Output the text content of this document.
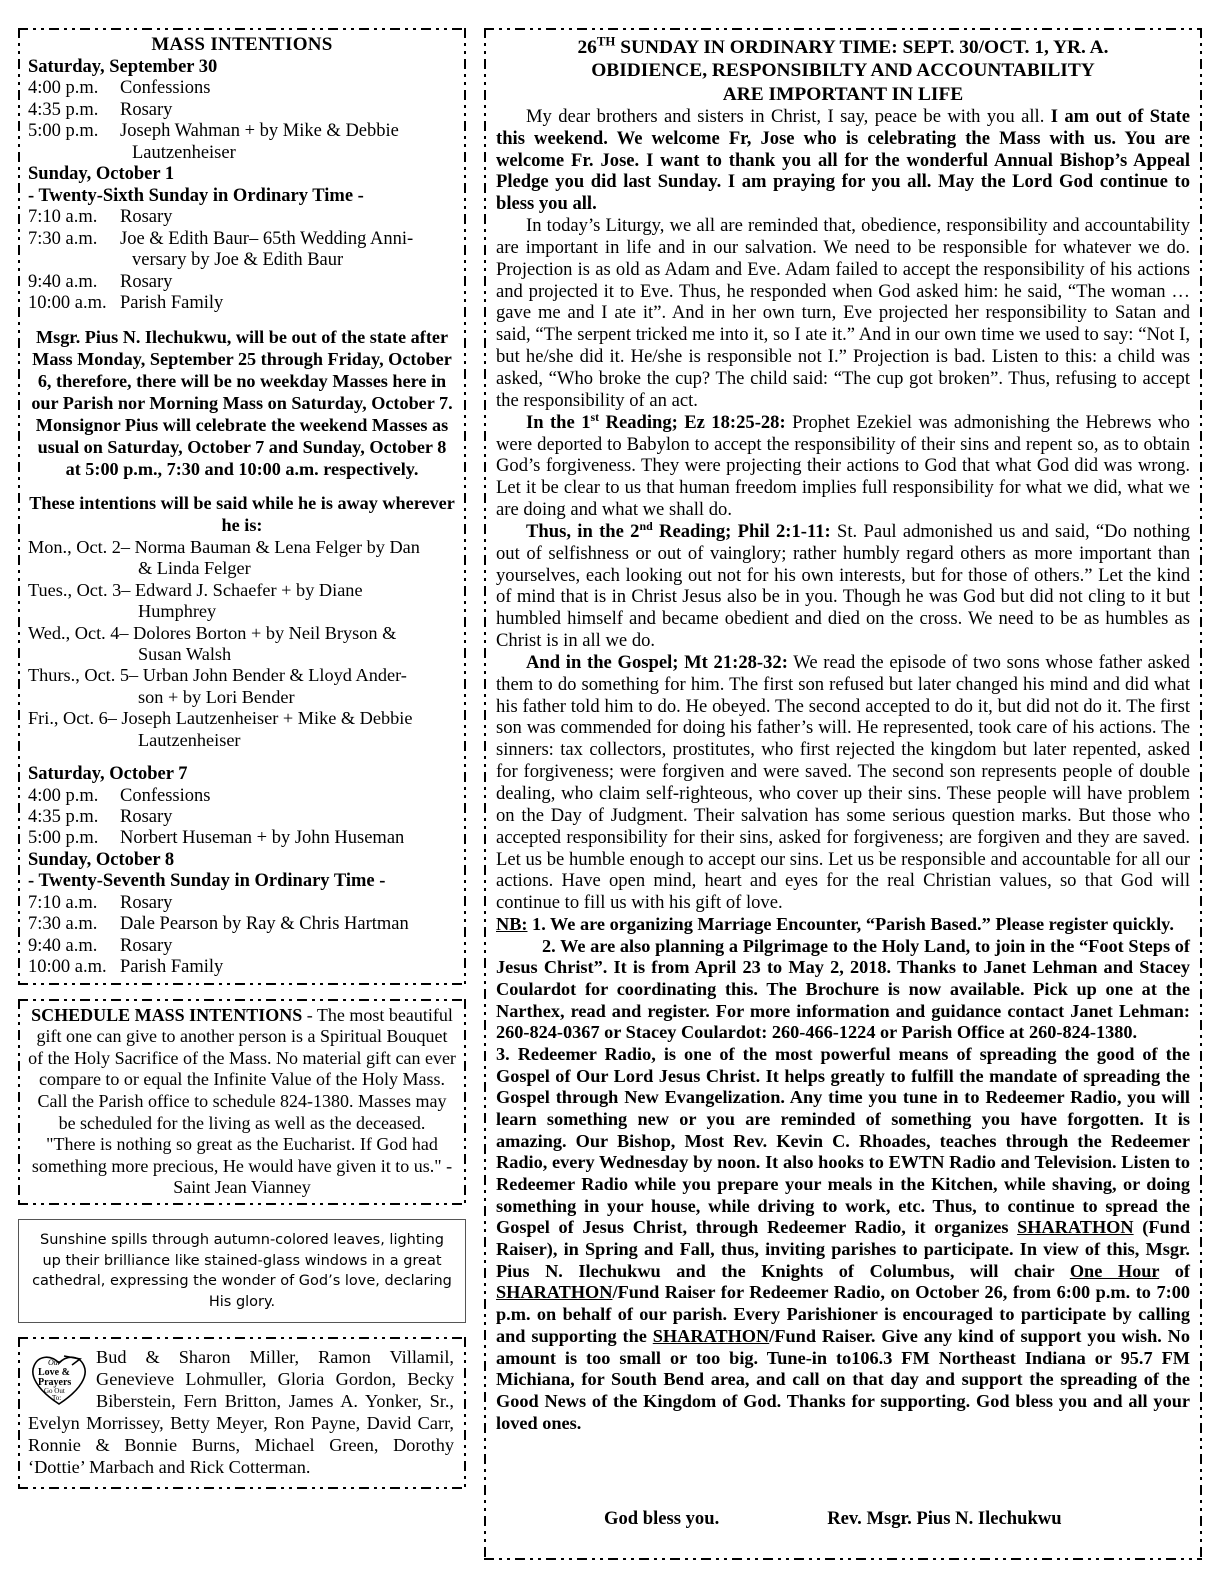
MASS INTENTIONS
Saturday, September 30
4:00 p.m.	Confessions
4:35 p.m.	Rosary
5:00 p.m.	Joseph Wahman + by Mike & Debbie
Lautzenheiser
Sunday, October 1
- Twenty-Sixth Sunday in Ordinary Time -
7:10 a.m.	Rosary
7:30 a.m.	Joe & Edith Baur– 65th Wedding Anni-
versary by Joe & Edith Baur
9:40 a.m.	Rosary
10:00 a.m. Parish Family
Msgr. Pius N. Ilechukwu, will be out of the state after Mass Monday, September 25 through Friday, October 6, therefore, there will be no weekday Masses here in our Parish nor Morning Mass on Saturday, October 7. Monsignor Pius will celebrate the weekend Masses as usual on Saturday, October 7 and Sunday, October 8 at 5:00 p.m., 7:30 and 10:00 a.m. respectively.
These intentions will be said while he is away wherever he is:
Mon., Oct. 2– Norma Bauman & Lena Felger by Dan
& Linda Felger
Tues., Oct. 3– Edward J. Schaefer + by Diane
Humphrey
Wed., Oct. 4– Dolores Borton + by Neil Bryson &
Susan Walsh
Thurs., Oct. 5– Urban John Bender & Lloyd Ander-
son + by Lori Bender
Fri., Oct. 6– Joseph Lautzenheiser + Mike & Debbie
Lautzenheiser
Saturday, October 7
4:00 p.m.	Confessions
4:35 p.m.	Rosary
5:00 p.m.	Norbert Huseman + by John Huseman
Sunday, October 8
- Twenty-Seventh Sunday in Ordinary Time -
7:10 a.m.	Rosary
7:30 a.m.	Dale Pearson by Ray & Chris Hartman
9:40 a.m.	Rosary
10:00 a.m. Parish Family
SCHEDULE MASS INTENTIONS - The most beautiful gift one can give to another person is a Spiritual Bouquet of the Holy Sacrifice of the Mass. No material gift can ever compare to or equal the Infinite Value of the Holy Mass. Call the Parish office to schedule 824-1380. Masses may be scheduled for the living as well as the deceased.
"There is nothing so great as the Eucharist. If God had something more precious, He would have given it to us." - Saint Jean Vianney
Sunshine spills through autumn-colored leaves, lighting up their brilliance like stained-glass windows in a great cathedral, expressing the wonder of God’s love, declaring His glory.
Our
Love &
Prayers
Go Out
To:
Bud & Sharon Miller, Ramon Villamil, Genevieve Lohmuller, Gloria Gordon, Becky Biberstein, Fern Britton, James A. Yonker, Sr., Evelyn Morrissey, Betty Meyer, Ron Payne, David Carr, Ronnie & Bonnie Burns, Michael Green, Dorothy ‘Dottie’ Marbach and Rick Cotterman.
26TH SUNDAY IN ORDINARY TIME: SEPT. 30/OCT. 1, YR. A.
OBIDIENCE, RESPONSIBILTY AND ACCOUNTABILITY
ARE IMPORTANT IN LIFE

My dear brothers and sisters in Christ, I say, peace be with you all. I am out of State this weekend. We welcome Fr, Jose who is celebrating the Mass with us. You are welcome Fr. Jose. I want to thank you all for the wonderful Annual Bishop’s Appeal Pledge you did last Sunday. I am praying for you all. May the Lord God continue to bless you all.

In today’s Liturgy, we all are reminded that, obedience, responsibility and accountability are important in life and in our salvation. We need to be responsible for whatever we do. Projection is as old as Adam and Eve. Adam failed to accept the responsibility of his actions and projected it to Eve. Thus, he responded when God asked him: he said, “The woman … gave me and I ate it”. And in her own turn, Eve projected her responsibility to Satan and said, “The serpent tricked me into it, so I ate it.” And in our own time we used to say: “Not I, but he/she did it. He/she is responsible not I.” Projection is bad. Listen to this: a child was asked, “Who broke the cup? The child said: “The cup got broken”. Thus, refusing to accept the responsibility of an act.

In the 1st Reading; Ez 18:25-28: Prophet Ezekiel was admonishing the Hebrews who were deported to Babylon to accept the responsibility of their sins and repent so, as to obtain God’s forgiveness. They were projecting their actions to God that what God did was wrong. Let it be clear to us that human freedom implies full responsibility for what we did, what we are doing and what we shall do.

Thus, in the 2nd Reading; Phil 2:1-11: St. Paul admonished us and said, “Do nothing out of selfishness or out of vainglory; rather humbly regard others as more important than yourselves, each looking out not for his own interests, but for those of others.” Let the kind of mind that is in Christ Jesus also be in you. Though he was God but did not cling to it but humbled himself and became obedient and died on the cross. We need to be as humbles as Christ is in all we do.

And in the Gospel; Mt 21:28-32: We read the episode of two sons whose father asked them to do something for him. The first son refused but later changed his mind and did what his father told him to do. He obeyed. The second accepted to do it, but did not do it. The first son was commended for doing his father’s will. He represented, took care of his actions. The sinners: tax collectors, prostitutes, who first rejected the kingdom but later repented, asked for forgiveness; were forgiven and were saved. The second son represents people of double dealing, who claim self-righteous, who cover up their sins. These people will have problem on the Day of Judgment. Their salvation has some serious question marks. But those who accepted responsibility for their sins, asked for forgiveness; are forgiven and they are saved. Let us be humble enough to accept our sins. Let us be responsible and accountable for all our actions. Have open mind, heart and eyes for the real Christian values, so that God will continue to fill us with his gift of love.

NB: 1. We are organizing Marriage Encounter, “Parish Based.” Please register quickly.

2. We are also planning a Pilgrimage to the Holy Land, to join in the “Foot Steps of Jesus Christ”. It is from April 23 to May 2, 2018. Thanks to Janet Lehman and Stacey Coulardot for coordinating this. The Brochure is now available. Pick up one at the Narthex, read and register. For more information and guidance contact Janet Lehman: 260-824-0367 or Stacey Coulardot: 260-466-1224 or Parish Office at 260-824-1380.

3. Redeemer Radio, is one of the most powerful means of spreading the good of the Gospel of Our Lord Jesus Christ. It helps greatly to fulfill the mandate of spreading the Gospel through New Evangelization. Any time you tune in to Redeemer Radio, you will learn something new or you are reminded of something you have forgotten. It is amazing. Our Bishop, Most Rev. Kevin C. Rhoades, teaches through the Redeemer Radio, every Wednesday by noon. It also hooks to EWTN Radio and Television. Listen to Redeemer Radio while you prepare your meals in the Kitchen, while shaving, or doing something in your house, while driving to work, etc. Thus, to continue to spread the Gospel of Jesus Christ, through Redeemer Radio, it organizes SHARATHON (Fund Raiser), in Spring and Fall, thus, inviting parishes to participate. In view of this, Msgr. Pius N. Ilechukwu and the Knights of Columbus, will chair One Hour of SHARATHON/Fund Raiser for Redeemer Radio, on October 26, from 6:00 p.m. to 7:00 p.m. on behalf of our parish. Every Parishioner is encouraged to participate by calling and supporting the SHARATHON/Fund Raiser. Give any kind of support you wish. No amount is too small or too big. Tune-in to106.3 FM Northeast Indiana or 95.7 FM Michiana, for South Bend area, and call on that day and support the spreading of the Good News of the Kingdom of God. Thanks for supporting. God bless you and all your loved ones.

God bless you.	Rev. Msgr. Pius N. Ilechukwu
